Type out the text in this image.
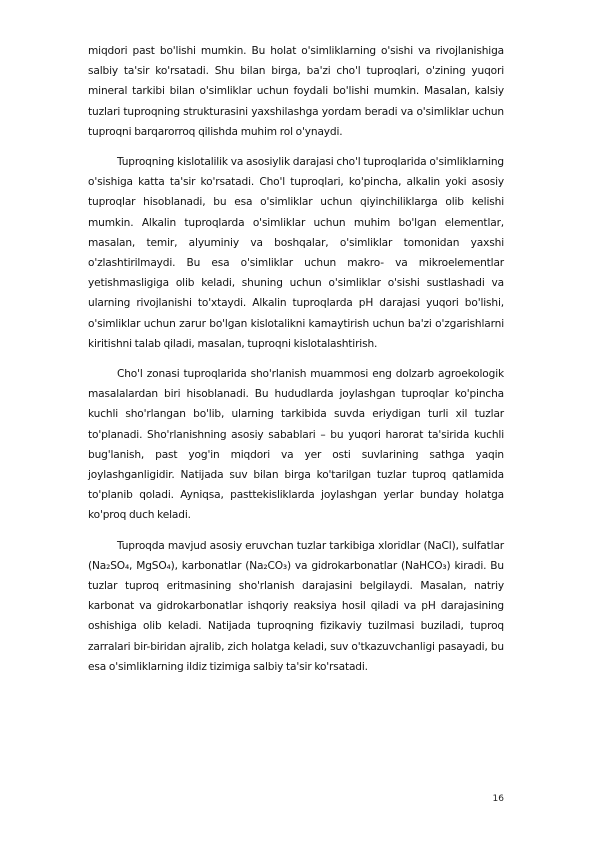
miqdori past bo'lishi mumkin. Bu holat o'simliklarning o'sishi va rivojlanishiga salbiy ta'sir ko'rsatadi. Shu bilan birga, ba'zi cho'l tuproqlari, o'zining yuqori mineral tarkibi bilan o'simliklar uchun foydali bo'lishi mumkin. Masalan, kalsiy tuzlari tuproqning strukturasini yaxshilashga yordam beradi va o'simliklar uchun tuproqni barqarorroq qilishda muhim rol o'ynaydi.

Tuproqning kislotalilik va asosiylik darajasi cho'l tuproqlarida o'simliklarning o'sishiga katta ta'sir ko'rsatadi. Cho'l tuproqlari, ko'pincha, alkalin yoki asosiy tuproqlar hisoblanadi, bu esa o'simliklar uchun qiyinchiliklarga olib kelishi mumkin. Alkalin tuproqlarda o'simliklar uchun muhim bo'lgan elementlar, masalan, temir, alyuminiy va boshqalar, o'simliklar tomonidan yaxshi o'zlashtirilmaydi. Bu esa o'simliklar uchun makro- va mikroelementlar yetishmasligiga olib keladi, shuning uchun o'simliklar o'sishi sustlashadi va ularning rivojlanishi to'xtaydi. Alkalin tuproqlarda pH darajasi yuqori bo'lishi, o'simliklar uchun zarur bo'lgan kislotalikni kamaytirish uchun ba'zi o'zgarishlarni kiritishni talab qiladi, masalan, tuproqni kislotalashtirish.

Cho'l zonasi tuproqlarida sho'rlanish muammosi eng dolzarb agroekologik masalalardan biri hisoblanadi. Bu hududlarda joylashgan tuproqlar ko'pincha kuchli sho'rlangan bo'lib, ularning tarkibida suvda eriydigan turli xil tuzlar to'planadi. Sho'rlanishning asosiy sabablari – bu yuqori harorat ta'sirida kuchli bug'lanish, past yog'in miqdori va yer osti suvlarining sathga yaqin joylashganligidir. Natijada suv bilan birga ko'tarilgan tuzlar tuproq qatlamida to'planib qoladi. Ayniqsa, pasttekisliklarda joylashgan yerlar bunday holatga ko'proq duch keladi.

Tuproqda mavjud asosiy eruvchan tuzlar tarkibiga xloridlar (NaCl), sulfatlar (Na₂SO₄, MgSO₄), karbonatlar (Na₂CO₃) va gidrokarbonatlar (NaHCO₃) kiradi. Bu tuzlar tuproq eritmasining sho'rlanish darajasini belgilaydi. Masalan, natriy karbonat va gidrokarbonatlar ishqoriy reaksiya hosil qiladi va pH darajasining oshishiga olib keladi. Natijada tuproqning fizikaviy tuzilmasi buziladi, tuproq zarralari bir-biridan ajralib, zich holatga keladi, suv o'tkazuvchanligi pasayadi, bu esa o'simliklarning ildiz tizimiga salbiy ta'sir ko'rsatadi.

16
